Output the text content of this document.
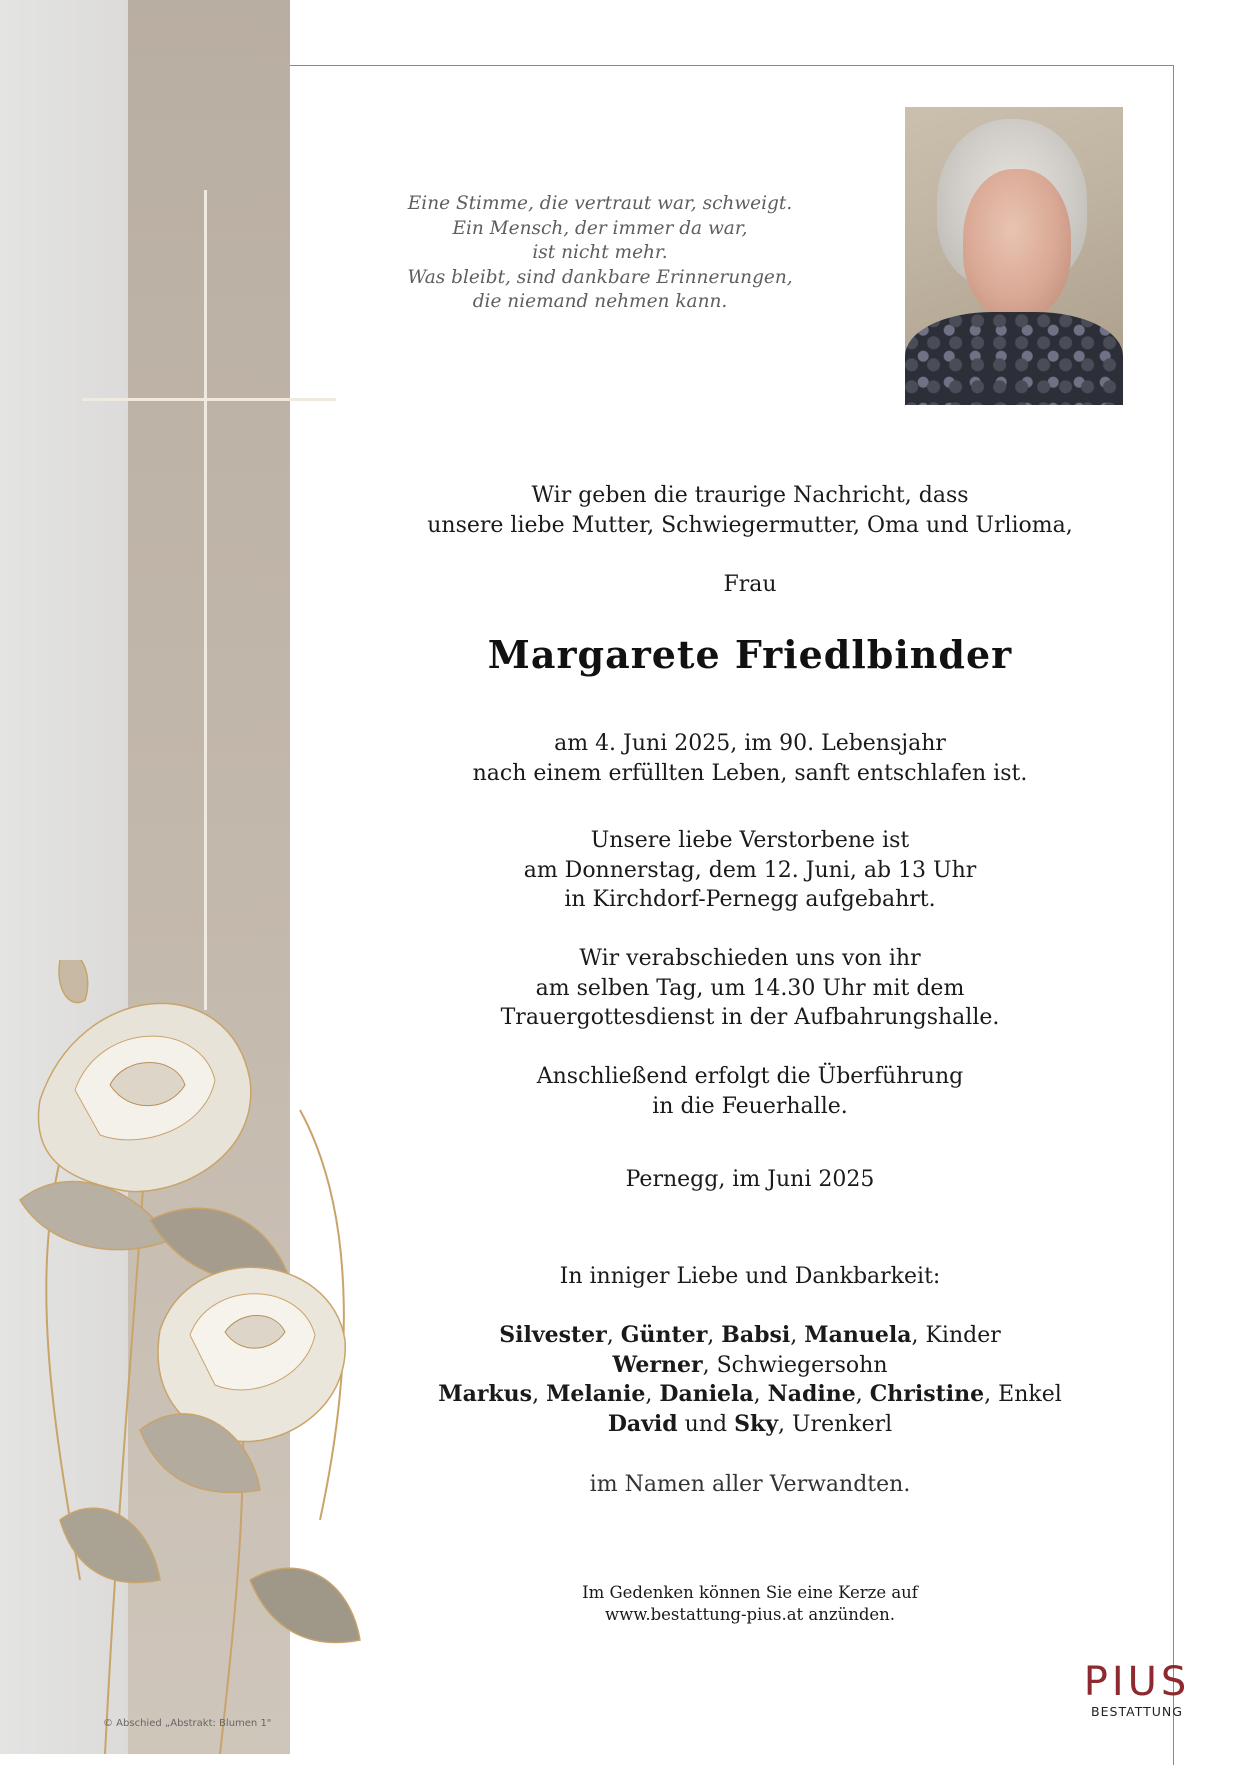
Eine Stimme, die vertraut war, schweigt.
Ein Mensch, der immer da war,
ist nicht mehr.
Was bleibt, sind dankbare Erinnerungen,
die niemand nehmen kann.
Wir geben die traurige Nachricht, dass
unsere liebe Mutter, Schwiegermutter, Oma und Urlioma,
Frau
Margarete Friedlbinder
am 4. Juni 2025, im 90. Lebensjahr
nach einem erfüllten Leben, sanft entschlafen ist.
Unsere liebe Verstorbene ist
am Donnerstag, dem 12. Juni, ab 13 Uhr
in Kirchdorf-Pernegg aufgebahrt.
Wir verabschieden uns von ihr
am selben Tag, um 14.30 Uhr mit dem
Trauergottesdienst in der Aufbahrungshalle.
Anschließend erfolgt die Überführung
in die Feuerhalle.
Pernegg, im Juni 2025
In inniger Liebe und Dankbarkeit:
Silvester, Günter, Babsi, Manuela, Kinder
Werner, Schwiegersohn
Markus, Melanie, Daniela, Nadine, Christine, Enkel
David und Sky, Urenkerl
im Namen aller Verwandten.
Im Gedenken können Sie eine Kerze auf
www.bestattung-pius.at anzünden.
PIUS
BESTATTUNG
© Abschied „Abstrakt: Blumen 1"
